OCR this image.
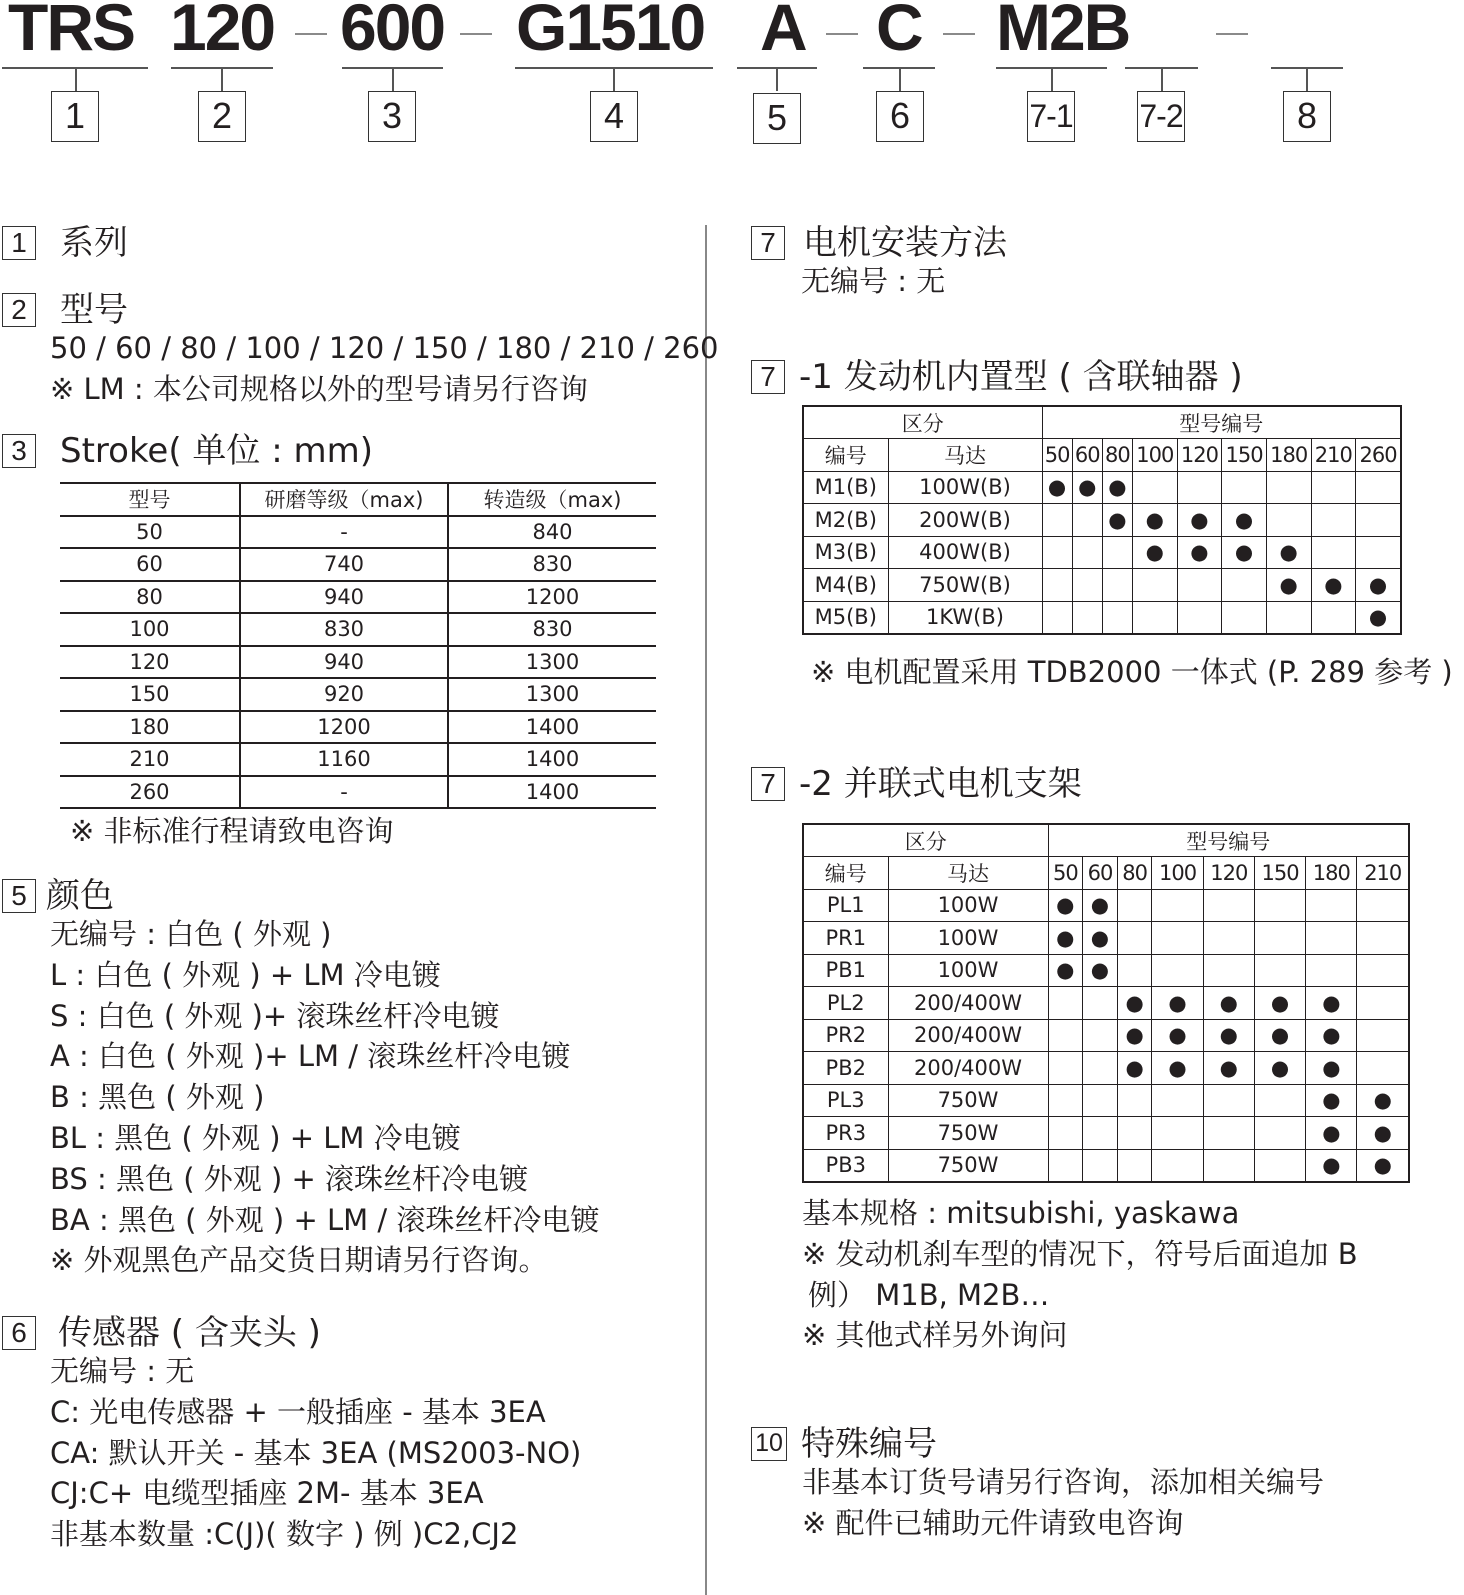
TRS 120 600 G1510 A C M2B
1	2	3	4	5	6	7-1 7-2	8
1 系列
2 型号
50 / 60 / 80 / 100 / 120 / 150 / 180 / 210 / 260
※ LM : 本公司规格以外的型号请另行咨询
3 Stroke( 单位 : mm)
型号	研磨等级（max)	转造级（max)
50	-	840
60	740	830
80	940	1200
100	830	830
120	940	1300
150	920	1300
180	1200	1400
210	1160	1400
260	-	1400
※ 非标准行程请致电咨询
5 颜色
无编号 : 白色 ( 外观 )
L : 白色 ( 外观 ) + LM 冷电镀
S : 白色 ( 外观 )+ 滚珠丝杆冷电镀
A : 白色 ( 外观 )+ LM / 滚珠丝杆冷电镀
B : 黑色 ( 外观 )
BL : 黑色 ( 外观 ) + LM 冷电镀
BS : 黑色 ( 外观 ) + 滚珠丝杆冷电镀
BA : 黑色 ( 外观 ) + LM / 滚珠丝杆冷电镀
※ 外观黑色产品交货日期请另行咨询。
6 传感器 ( 含夹头 )
无编号 : 无
C: 光电传感器 + 一般插座 - 基本 3EA
CA: 默认开关 - 基本 3EA (MS2003-NO)
CJ:C+ 电缆型插座 2M- 基本 3EA
非基本数量 :C(J)( 数字 ) 例 )C2,CJ2
7 电机安装方法
无编号 : 无
7 -1 发动机内置型 ( 含联轴器 )
区分		型号编号								
编号	马达	50	60	80	100	120	150	180	210	260
M1(B)	100W(B)	●	●	●						
M2(B)	200W(B)			●	●	●	●			
M3(B)	400W(B)				●	●	●	●		
M4(B)	750W(B)							●	●	●
M5(B)	1KW(B)									●
※ 电机配置采用 TDB2000 一体式 (P. 289 参考 )
7 -2 并联式电机支架
区分		型号编号							
编号	马达	50	60	80	100	120	150	180	210
PL1	100W	●	●						
PR1	100W	●	●						
PB1	100W	●	●						
PL2	200/400W			●	●	●	●	●	
PR2	200/400W			●	●	●	●	●	
PB2	200/400W			●	●	●	●	●	
PL3	750W							●	●
PR3	750W							●	●
PB3	750W							●	●
基本规格 : mitsubishi, yaskawa
※ 发动机刹车型的情况下，符号后面追加 B
例） M1B, M2B…
※ 其他式样另外询问
10 特殊编号
非基本订货号请另行咨询，添加相关编号
※ 配件已辅助元件请致电咨询
